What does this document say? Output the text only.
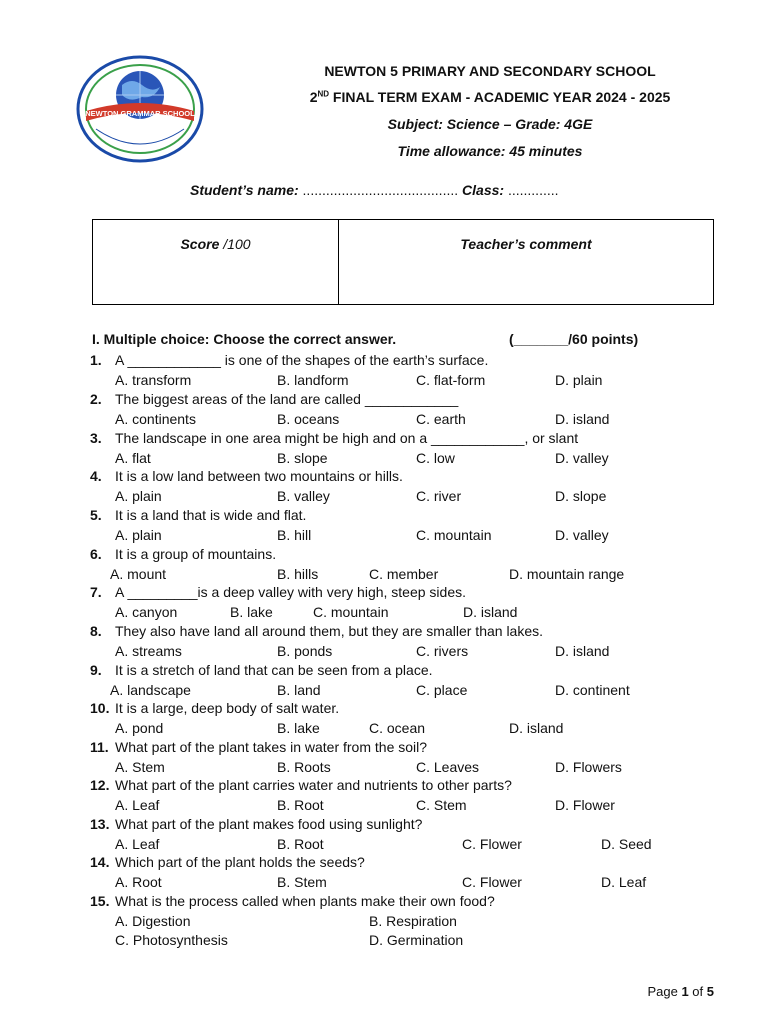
NEWTON GRAMMAR SCHOOL
NEWTON 5 PRIMARY AND SECONDARY SCHOOL
2ND FINAL TERM EXAM - ACADEMIC YEAR 2024 - 2025
Subject: Science – Grade: 4GE
Time allowance: 45 minutes
Student’s name: ........................................ Class: .............
Score /100	Teacher’s comment
I. Multiple choice: Choose the correct answer.	(_______/60 points)
1. A ____________ is one of the shapes of the earth’s surface.
A. transform	B. landform	C. flat-form	D. plain
2. The biggest areas of the land are called ____________
A. continents	B. oceans	C. earth	D. island
3. The landscape in one area might be high and on a ____________, or slant
A. flat	B. slope	C. low	D. valley
4. It is a low land between two mountains or hills.
A. plain	B. valley	C. river	D. slope
5. It is a land that is wide and flat.
A. plain	B. hill	C. mountain	D. valley
6. It is a group of mountains.
A. mount	B. hills	C. member	D. mountain range
7. A _________is a deep valley with very high, steep sides.
A. canyon	B. lake	C. mountain	D. island
8. They also have land all around them, but they are smaller than lakes.
A. streams	B. ponds	C. rivers	D. island
9. It is a stretch of land that can be seen from a place.
A. landscape	B. land	C. place	D. continent
10. It is a large, deep body of salt water.
A. pond	B. lake	C. ocean	D. island
11. What part of the plant takes in water from the soil?
A. Stem	B. Roots	C. Leaves	D. Flowers
12. What part of the plant carries water and nutrients to other parts?
A. Leaf	B. Root	C. Stem	D. Flower
13. What part of the plant makes food using sunlight?
A. Leaf	B. Root	C. Flower	D. Seed
14. Which part of the plant holds the seeds?
A. Root	B. Stem	C. Flower	D. Leaf
15. What is the process called when plants make their own food?
A. Digestion	B. Respiration
C. Photosynthesis	D. Germination
Page 1 of 5
